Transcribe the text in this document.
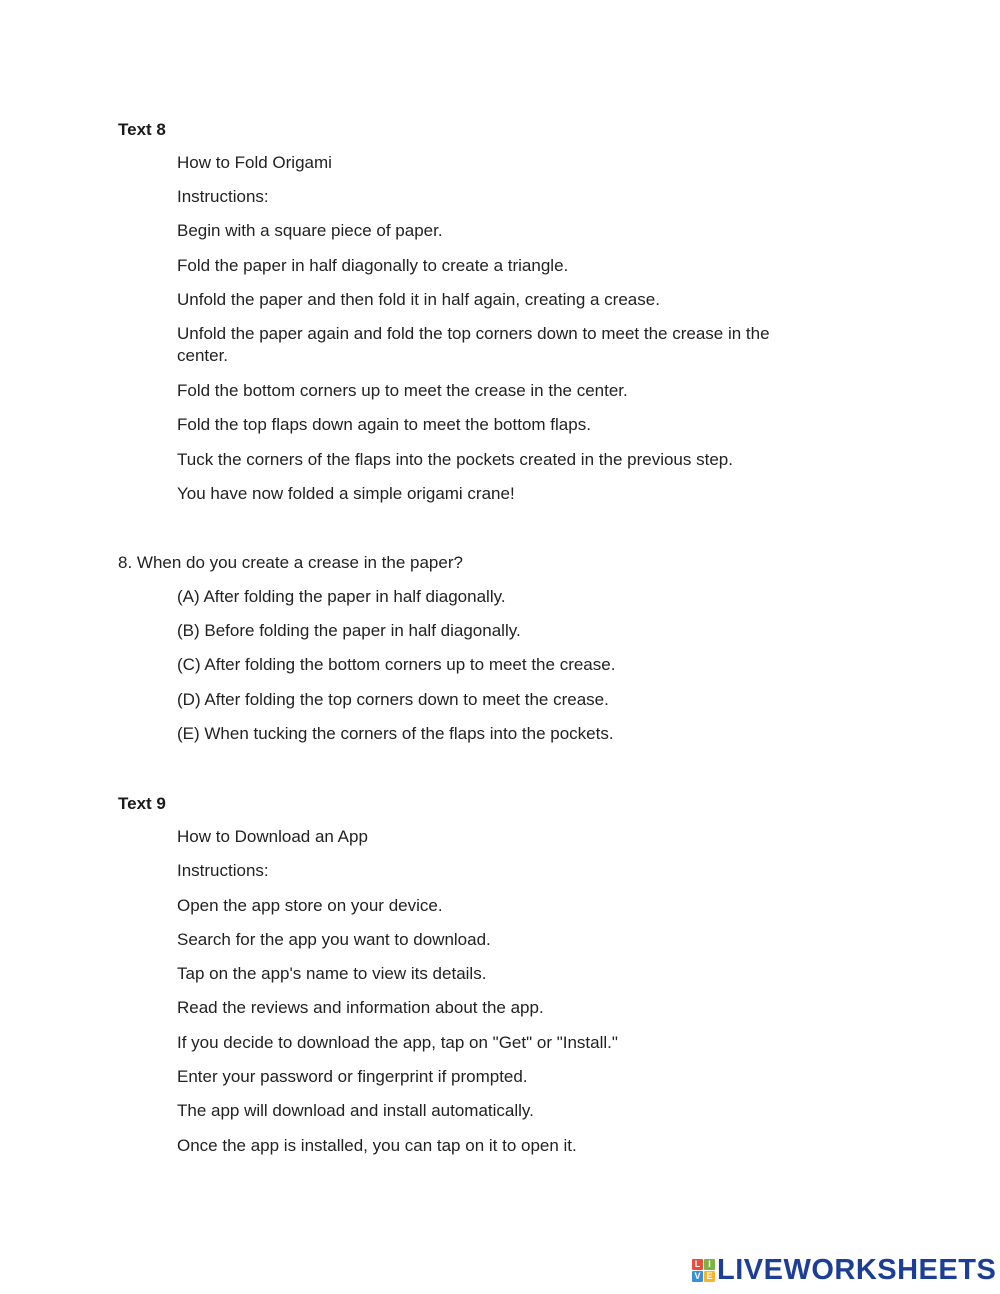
Text 8
How to Fold Origami
Instructions:
Begin with a square piece of paper.
Fold the paper in half diagonally to create a triangle.
Unfold the paper and then fold it in half again, creating a crease.
Unfold the paper again and fold the top corners down to meet the crease in the center.
Fold the bottom corners up to meet the crease in the center.
Fold the top flaps down again to meet the bottom flaps.
Tuck the corners of the flaps into the pockets created in the previous step.
You have now folded a simple origami crane!
8. When do you create a crease in the paper?
(A) After folding the paper in half diagonally.
(B) Before folding the paper in half diagonally.
(C) After folding the bottom corners up to meet the crease.
(D) After folding the top corners down to meet the crease.
(E) When tucking the corners of the flaps into the pockets.
Text 9
How to Download an App
Instructions:
Open the app store on your device.
Search for the app you want to download.
Tap on the app's name to view its details.
Read the reviews and information about the app.
If you decide to download the app, tap on "Get" or "Install."
Enter your password or fingerprint if prompted.
The app will download and install automatically.
Once the app is installed, you can tap on it to open it.
L I
V E LIVEWORKSHEETS
